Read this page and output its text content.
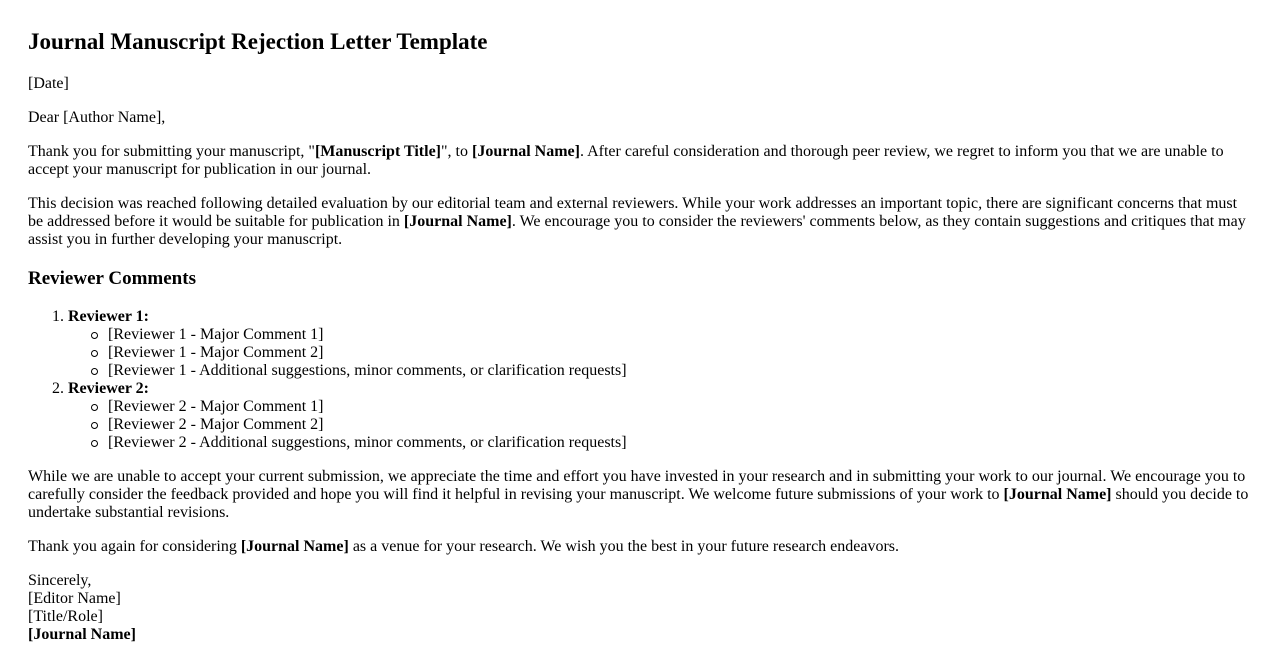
Journal Manuscript Rejection Letter Template
[Date]
Dear [Author Name],

Thank you for submitting your manuscript, "[Manuscript Title]", to [Journal Name]. After careful consideration and thorough peer review, we regret to inform you that we are unable to accept your manuscript for publication in our journal.

This decision was reached following detailed evaluation by our editorial team and external reviewers. While your work addresses an important topic, there are significant concerns that must be addressed before it would be suitable for publication in [Journal Name]. We encourage you to consider the reviewers' comments below, as they contain suggestions and critiques that may assist you in further developing your manuscript.

Reviewer Comments
1. Reviewer 1:
[Reviewer 1 - Major Comment 1]
[Reviewer 1 - Major Comment 2]
[Reviewer 1 - Additional suggestions, minor comments, or clarification requests]
2. Reviewer 2:
[Reviewer 2 - Major Comment 1]
[Reviewer 2 - Major Comment 2]
[Reviewer 2 - Additional suggestions, minor comments, or clarification requests]

While we are unable to accept your current submission, we appreciate the time and effort you have invested in your research and in submitting your work to our journal. We encourage you to carefully consider the feedback provided and hope you will find it helpful in revising your manuscript. We welcome future submissions of your work to [Journal Name] should you decide to undertake substantial revisions.

Thank you again for considering [Journal Name] as a venue for your research. We wish you the best in your future research endeavors.

Sincerely,
[Editor Name]
[Title/Role]
[Journal Name]
